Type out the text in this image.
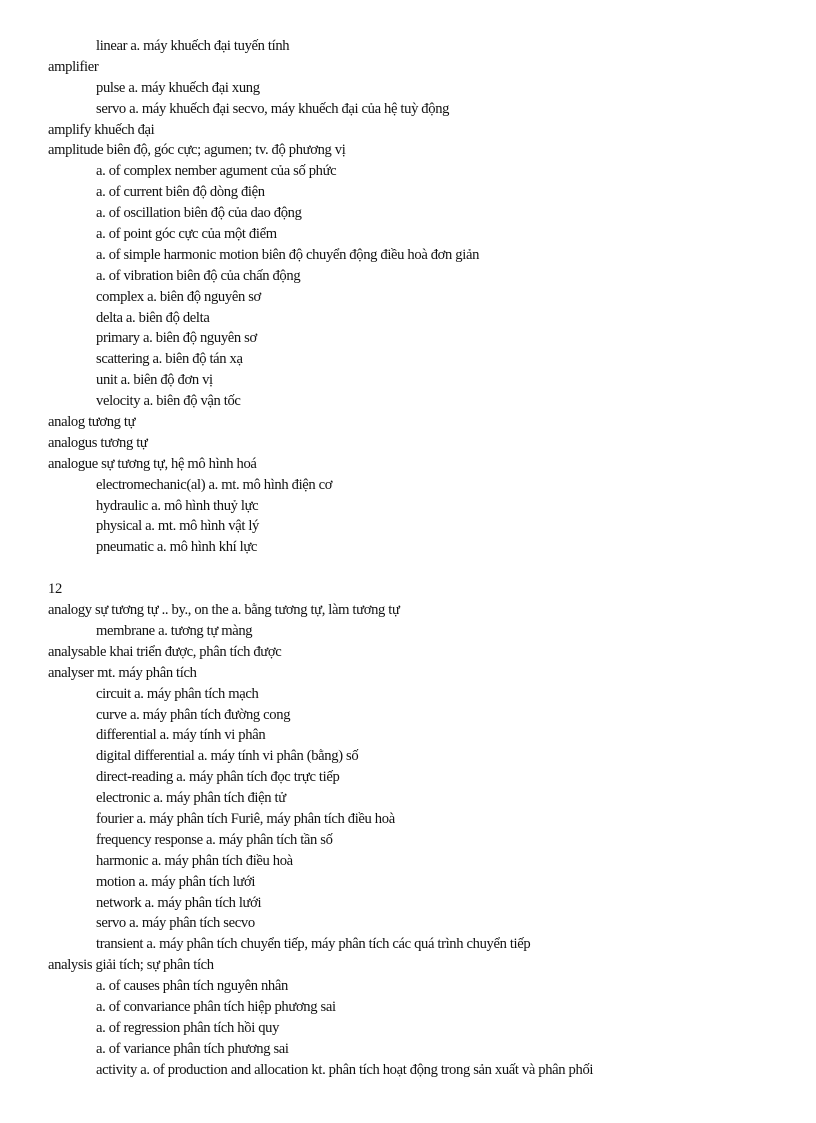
linear a. máy khuếch đại tuyến tính
amplifier
pulse a. máy khuếch đại xung
servo a. máy khuếch đại secvo, máy khuếch đại của hệ tuỳ động
amplify khuếch đại
amplitude biên độ, góc cực; agumen; tv. độ phương vị
a. of complex nember agument của số phức
a. of current biên độ dòng điện
a. of oscillation biên độ của dao động
a. of point góc cực của một điểm
a. of simple harmonic motion biên độ chuyển động điều hoà đơn giản
a. of vibration biên độ của chấn động
complex a. biên độ nguyên sơ
delta a. biên độ delta
primary a. biên độ nguyên sơ
scattering a. biên độ tán xạ
unit a. biên độ đơn vị
velocity a. biên độ vận tốc
analog tương tự
analogus tương tự
analogue sự tương tự, hệ mô hình hoá
electromechanic(al) a. mt. mô hình điện cơ
hydraulic a. mô hình thuỷ lực
physical a. mt. mô hình vật lý
pneumatic a. mô hình khí lực
12
analogy sự tương tự .. by., on the a. bằng tương tự, làm tương tự
membrane a. tương tự màng
analysable khai triển được, phân tích được
analyser mt. máy phân tích
circuit a. máy phân tích mạch
curve a. máy phân tích đường cong
differential a. máy tính vi phân
digital differential a. máy tính vi phân (bằng) số
direct-reading a. máy phân tích đọc trực tiếp
electronic a. máy phân tích điện tử
fourier a. máy phân tích Furiê, máy phân tích điều hoà
frequency response a. máy phân tích tần số
harmonic a. máy phân tích điều hoà
motion a. máy phân tích lưới
network a. máy phân tích lưới
servo a. máy phân tích secvo
transient a. máy phân tích chuyển tiếp, máy phân tích các quá trình chuyển tiếp
analysis giải tích; sự phân tích
a. of causes phân tích nguyên nhân
a. of convariance phân tích hiệp phương sai
a. of regression phân tích hồi quy
a. of variance phân tích phương sai
activity a. of production and allocation kt. phân tích hoạt động trong sản xuất và phân phối
